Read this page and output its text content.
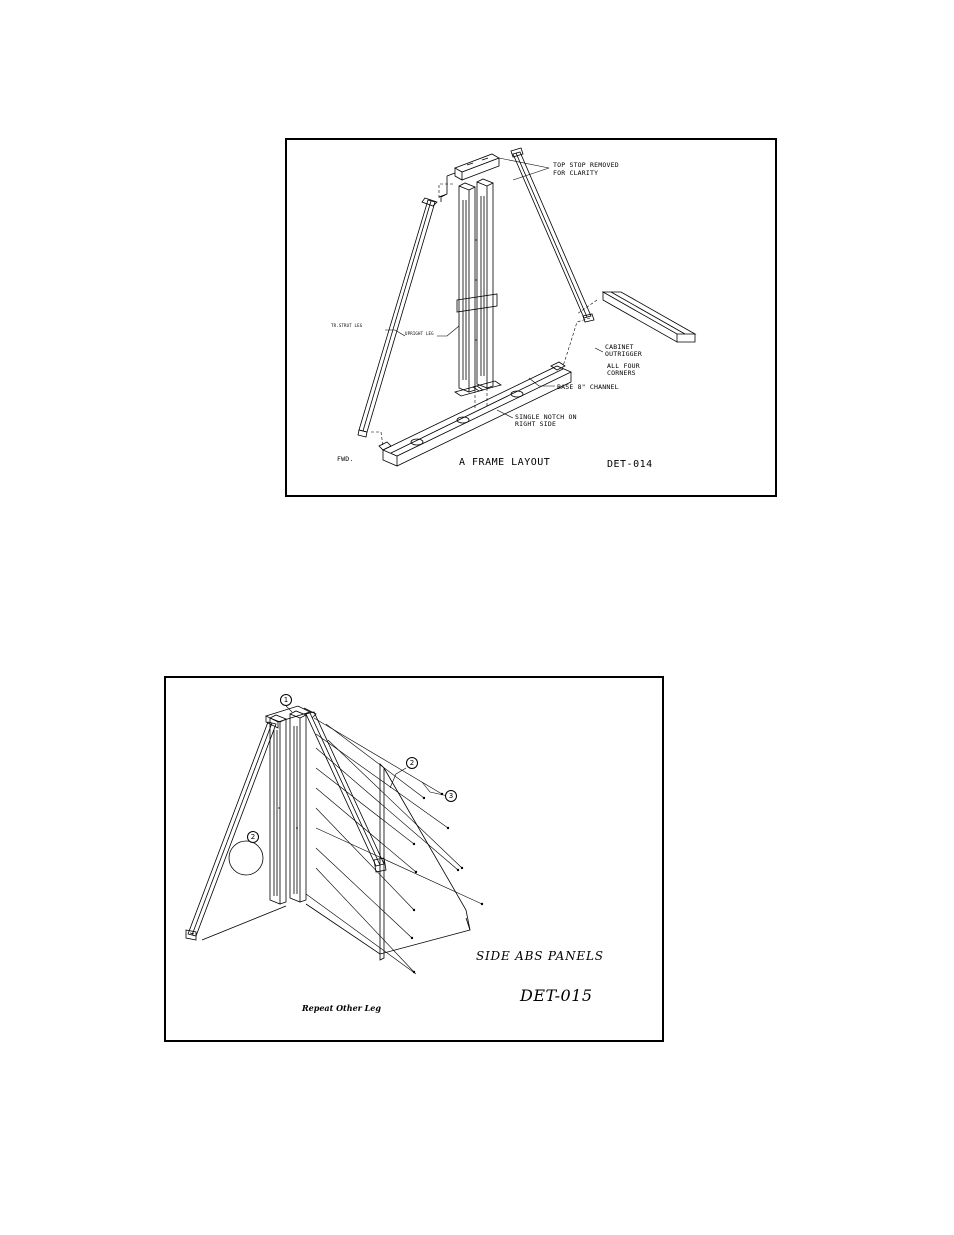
TOP STOP REMOVED
FOR CLARITY
TR.STRUT LEG
UPRIGHT LEG
CABINET
OUTRIGGER
ALL FOUR
CORNERS
BASE 8" CHANNEL
SINGLE NOTCH ON
RIGHT SIDE
FWD.	A FRAME LAYOUT	DET-014
1
2
3
2
SIDE ABS PANELS
DET-015
Repeat Other Leg
